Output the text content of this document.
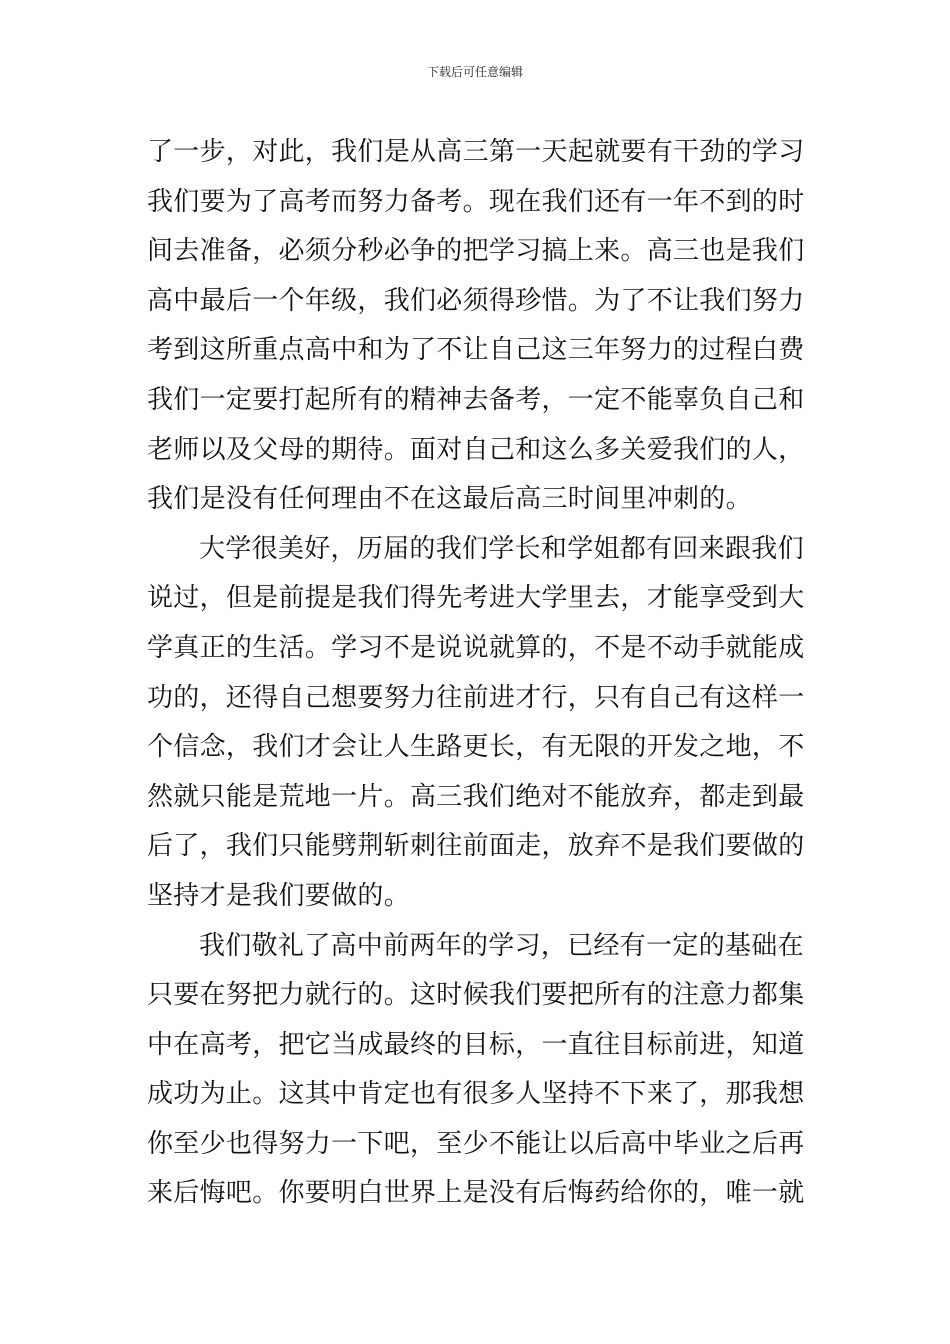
下载后可任意编辑
了一步，对此，我们是从高三第一天起就要有干劲的学习
我们要为了高考而努力备考。现在我们还有一年不到的时
间去准备，必须分秒必争的把学习搞上来。高三也是我们
高中最后一个年级，我们必须得珍惜。为了不让我们努力
考到这所重点高中和为了不让自己这三年努力的过程白费
我们一定要打起所有的精神去备考，一定不能辜负自己和
老师以及父母的期待。面对自己和这么多关爱我们的人，
我们是没有任何理由不在这最后高三时间里冲刺的。
大学很美好，历届的我们学长和学姐都有回来跟我们
说过，但是前提是我们得先考进大学里去，才能享受到大
学真正的生活。学习不是说说就算的，不是不动手就能成
功的，还得自己想要努力往前进才行，只有自己有这样一
个信念，我们才会让人生路更长，有无限的开发之地，不
然就只能是荒地一片。高三我们绝对不能放弃，都走到最
后了，我们只能劈荆斩刺往前面走，放弃不是我们要做的
坚持才是我们要做的。
我们敬礼了高中前两年的学习，已经有一定的基础在
只要在努把力就行的。这时候我们要把所有的注意力都集
中在高考，把它当成最终的目标，一直往目标前进，知道
成功为止。这其中肯定也有很多人坚持不下来了，那我想
你至少也得努力一下吧，至少不能让以后高中毕业之后再
来后悔吧。你要明白世界上是没有后悔药给你的，唯一就
